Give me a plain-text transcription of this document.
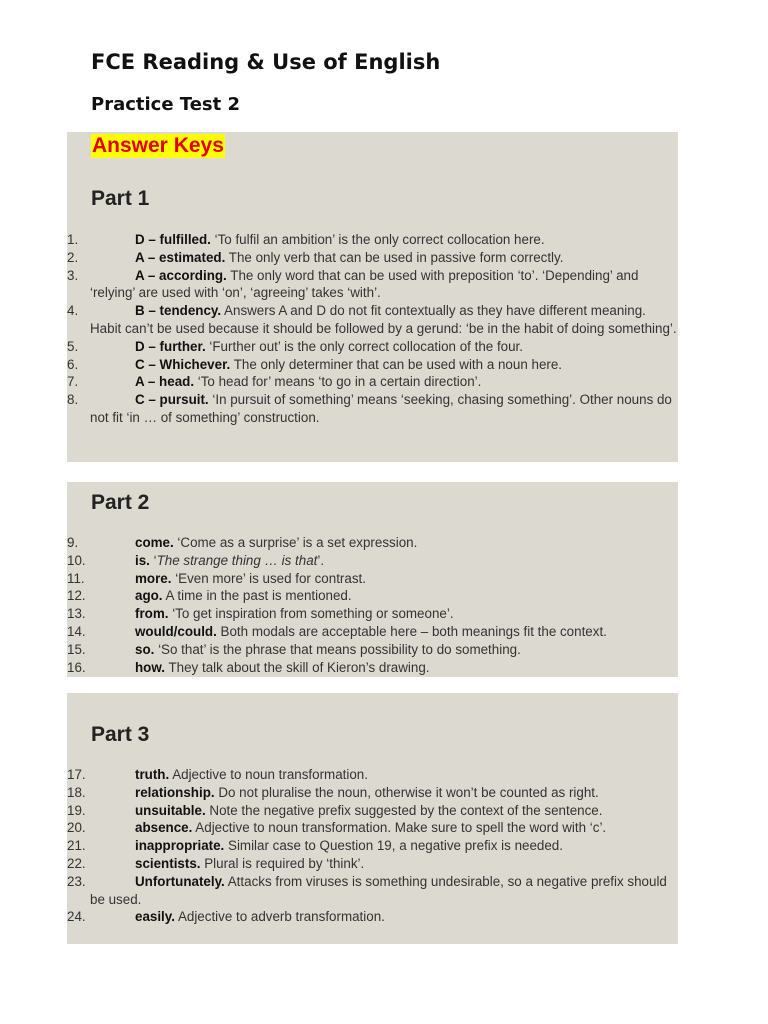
FCE Reading & Use of English
Practice Test 2
Answer Keys
Part 1
1.	D – fulfilled. ‘To fulfil an ambition’ is the only correct collocation here.
2.	A – estimated. The only verb that can be used in passive form correctly.
3.	A – according. The only word that can be used with preposition ‘to’. ‘Depending’ and ‘relying’ are used with ‘on’, ‘agreeing’ takes ‘with’.
4.	B – tendency. Answers A and D do not fit contextually as they have different meaning. Habit can’t be used because it should be followed by a gerund: ‘be in the habit of doing something’.
5.	D – further. ‘Further out’ is the only correct collocation of the four.
6.	C – Whichever. The only determiner that can be used with a noun here.
7.	A – head. ‘To head for’ means ‘to go in a certain direction’.
8.	C – pursuit. ‘In pursuit of something’ means ‘seeking, chasing something’. Other nouns do not fit ‘in … of something’ construction.
Part 2
9.	come. ‘Come as a surprise’ is a set expression.
10.	is. ‘The strange thing … is that’.
11.	more. ‘Even more’ is used for contrast.
12.	ago. A time in the past is mentioned.
13.	from. ‘To get inspiration from something or someone’.
14.	would/could. Both modals are acceptable here – both meanings fit the context.
15.	so. ‘So that’ is the phrase that means possibility to do something.
16.	how. They talk about the skill of Kieron’s drawing.
Part 3
17.	truth. Adjective to noun transformation.
18.	relationship. Do not pluralise the noun, otherwise it won’t be counted as right.
19.	unsuitable. Note the negative prefix suggested by the context of the sentence.
20.	absence. Adjective to noun transformation. Make sure to spell the word with ‘c’.
21.	inappropriate. Similar case to Question 19, a negative prefix is needed.
22.	scientists. Plural is required by ‘think’.
23.	Unfortunately. Attacks from viruses is something undesirable, so a negative prefix should be used.
24.	easily. Adjective to adverb transformation.
